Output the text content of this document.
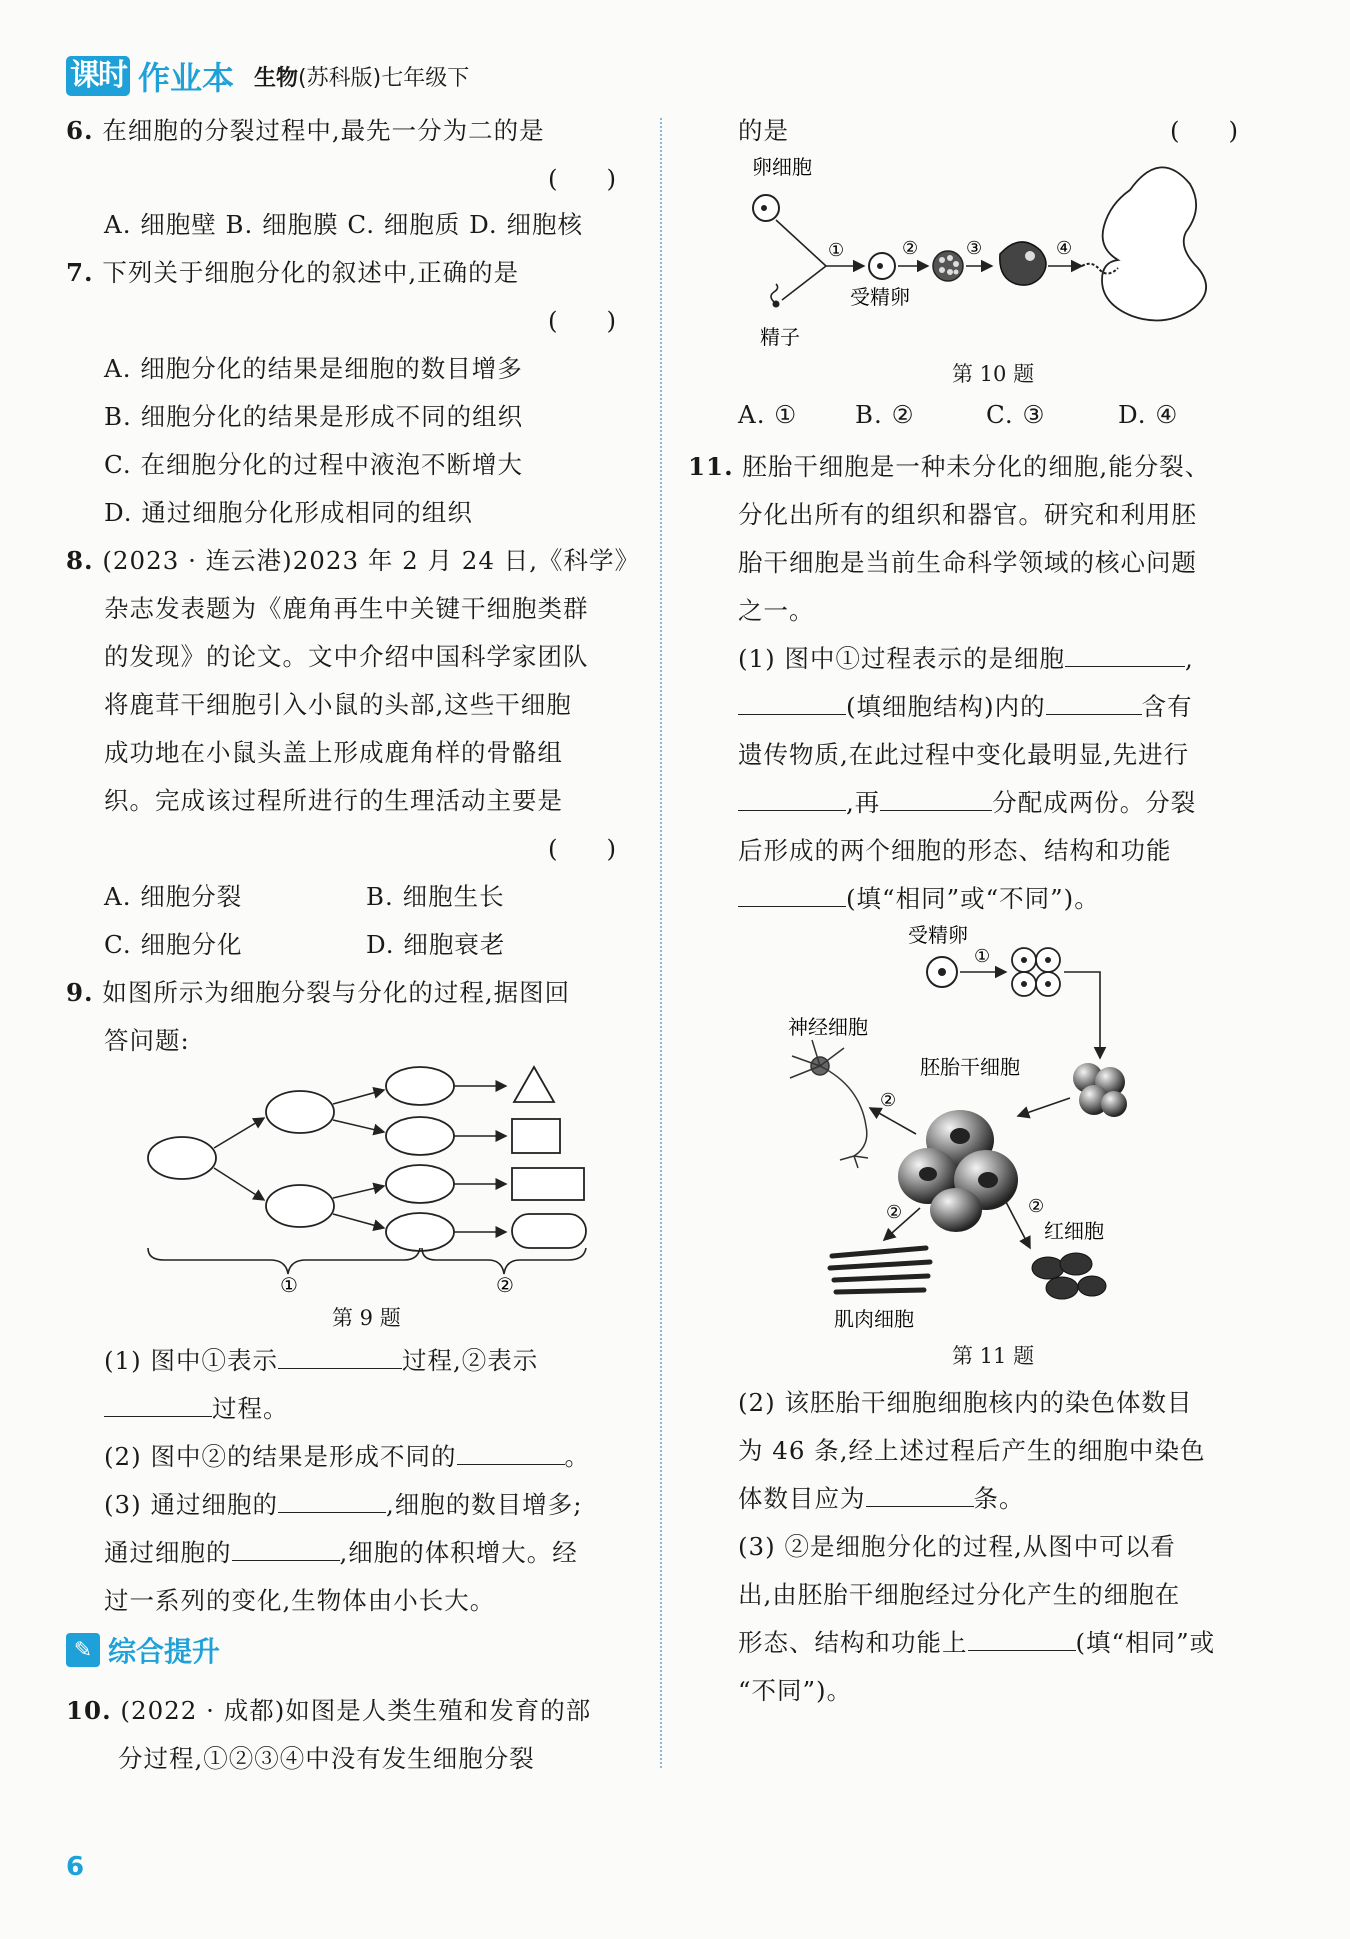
课时 作业本 生物(苏科版)七年级下
6. 在细胞的分裂过程中,最先一分为二的是
(　　)
A. 细胞壁 B. 细胞膜 C. 细胞质 D. 细胞核
7. 下列关于细胞分化的叙述中,正确的是
(　　)
A. 细胞分化的结果是细胞的数目增多
B. 细胞分化的结果是形成不同的组织
C. 在细胞分化的过程中液泡不断增大
D. 通过细胞分化形成相同的组织
8. (2023 · 连云港)2023 年 2 月 24 日,《科学》
杂志发表题为《鹿角再生中关键干细胞类群
的发现》的论文。文中介绍中国科学家团队
将鹿茸干细胞引入小鼠的头部,这些干细胞
成功地在小鼠头盖上形成鹿角样的骨骼组
织。完成该过程所进行的生理活动主要是
(　　)
A. 细胞分裂	B. 细胞生长
C. 细胞分化	D. 细胞衰老
9. 如图所示为细胞分裂与分化的过程,据图回
答问题:
①	②
第 9 题
(1) 图中①表示	过程,②表示
过程。
(2) 图中②的结果是形成不同的	。
(3) 通过细胞的	,细胞的数目增多;
通过细胞的	,细胞的体积增大。经
过一系列的变化,生物体由小长大。
✎ 综合提升
10. (2022 · 成都)如图是人类生殖和发育的部
分过程,①②③④中没有发生细胞分裂
的是	(　　)
卵细胞
精子
①
受精卵
②	③	④
第 10 题
A. ① B. ②	C. ③	D. ④
11. 胚胎干细胞是一种未分化的细胞,能分裂、
分化出所有的组织和器官。研究和利用胚
胎干细胞是当前生命科学领域的核心问题
之一。
(1) 图中①过程表示的是细胞	,
(填细胞结构)内的	含有
遗传物质,在此过程中变化最明显,先进行
,再	分配成两份。分裂
后形成的两个细胞的形态、结构和功能
(填“相同”或“不同”)。
受精卵
①
胚胎干细胞
神经细胞
②
②
肌肉细胞
②
红细胞
第 11 题
(2) 该胚胎干细胞细胞核内的染色体数目
为 46 条,经上述过程后产生的细胞中染色
体数目应为	条。
(3) ②是细胞分化的过程,从图中可以看
出,由胚胎干细胞经过分化产生的细胞在
形态、结构和功能上	(填“相同”或
“不同”)。
6
